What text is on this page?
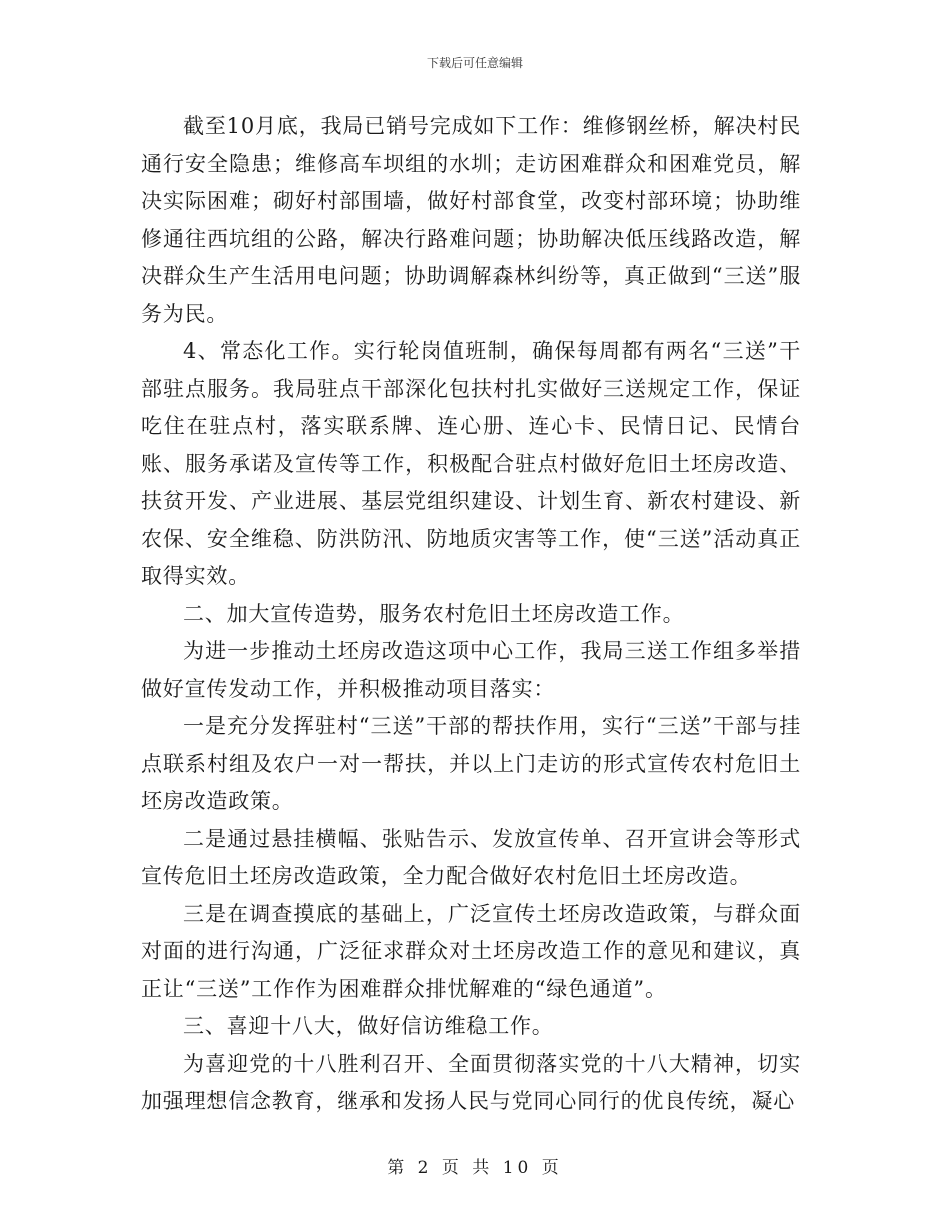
下载后可任意编辑

截至10月底，我局已销号完成如下工作：维修钢丝桥，解决村民通行安全隐患；维修高车坝组的水圳；走访困难群众和困难党员，解决实际困难；砌好村部围墙，做好村部食堂，改变村部环境；协助维修通往西坑组的公路，解决行路难问题；协助解决低压线路改造，解决群众生产生活用电问题；协助调解森林纠纷等，真正做到“三送”服务为民。

4、常态化工作。实行轮岗值班制，确保每周都有两名“三送”干部驻点服务。我局驻点干部深化包扶村扎实做好三送规定工作，保证吃住在驻点村，落实联系牌、连心册、连心卡、民情日记、民情台账、服务承诺及宣传等工作，积极配合驻点村做好危旧土坯房改造、扶贫开发、产业进展、基层党组织建设、计划生育、新农村建设、新农保、安全维稳、防洪防汛、防地质灾害等工作，使“三送”活动真正取得实效。

二、加大宣传造势，服务农村危旧土坯房改造工作。

为进一步推动土坯房改造这项中心工作，我局三送工作组多举措做好宣传发动工作，并积极推动项目落实：

一是充分发挥驻村“三送”干部的帮扶作用，实行“三送”干部与挂点联系村组及农户一对一帮扶，并以上门走访的形式宣传农村危旧土坯房改造政策。

二是通过悬挂横幅、张贴告示、发放宣传单、召开宣讲会等形式宣传危旧土坯房改造政策，全力配合做好农村危旧土坯房改造。

三是在调查摸底的基础上，广泛宣传土坯房改造政策，与群众面对面的进行沟通，广泛征求群众对土坯房改造工作的意见和建议，真正让“三送”工作作为困难群众排忧解难的“绿色通道”。

三、喜迎十八大，做好信访维稳工作。

为喜迎党的十八胜利召开、全面贯彻落实党的十八大精神，切实加强理想信念教育，继承和发扬人民与党同心同行的优良传统，凝心

第 2 页 共 10 页
